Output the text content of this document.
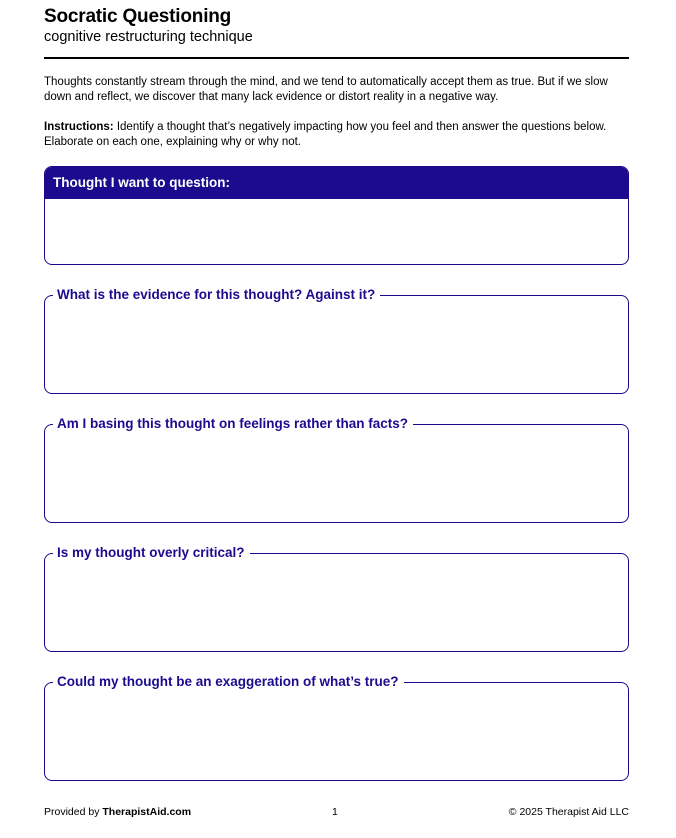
Socratic Questioning
cognitive restructuring technique
Thoughts constantly stream through the mind, and we tend to automatically accept them as true. But if we slow down and reflect, we discover that many lack evidence or distort reality in a negative way.
Instructions: Identify a thought that’s negatively impacting how you feel and then answer the questions below. Elaborate on each one, explaining why or why not.
Thought I want to question:
What is the evidence for this thought? Against it?
Am I basing this thought on feelings rather than facts?
Is my thought overly critical?
Could my thought be an exaggeration of what’s true?
Provided by TherapistAid.com	1	© 2025 Therapist Aid LLC
